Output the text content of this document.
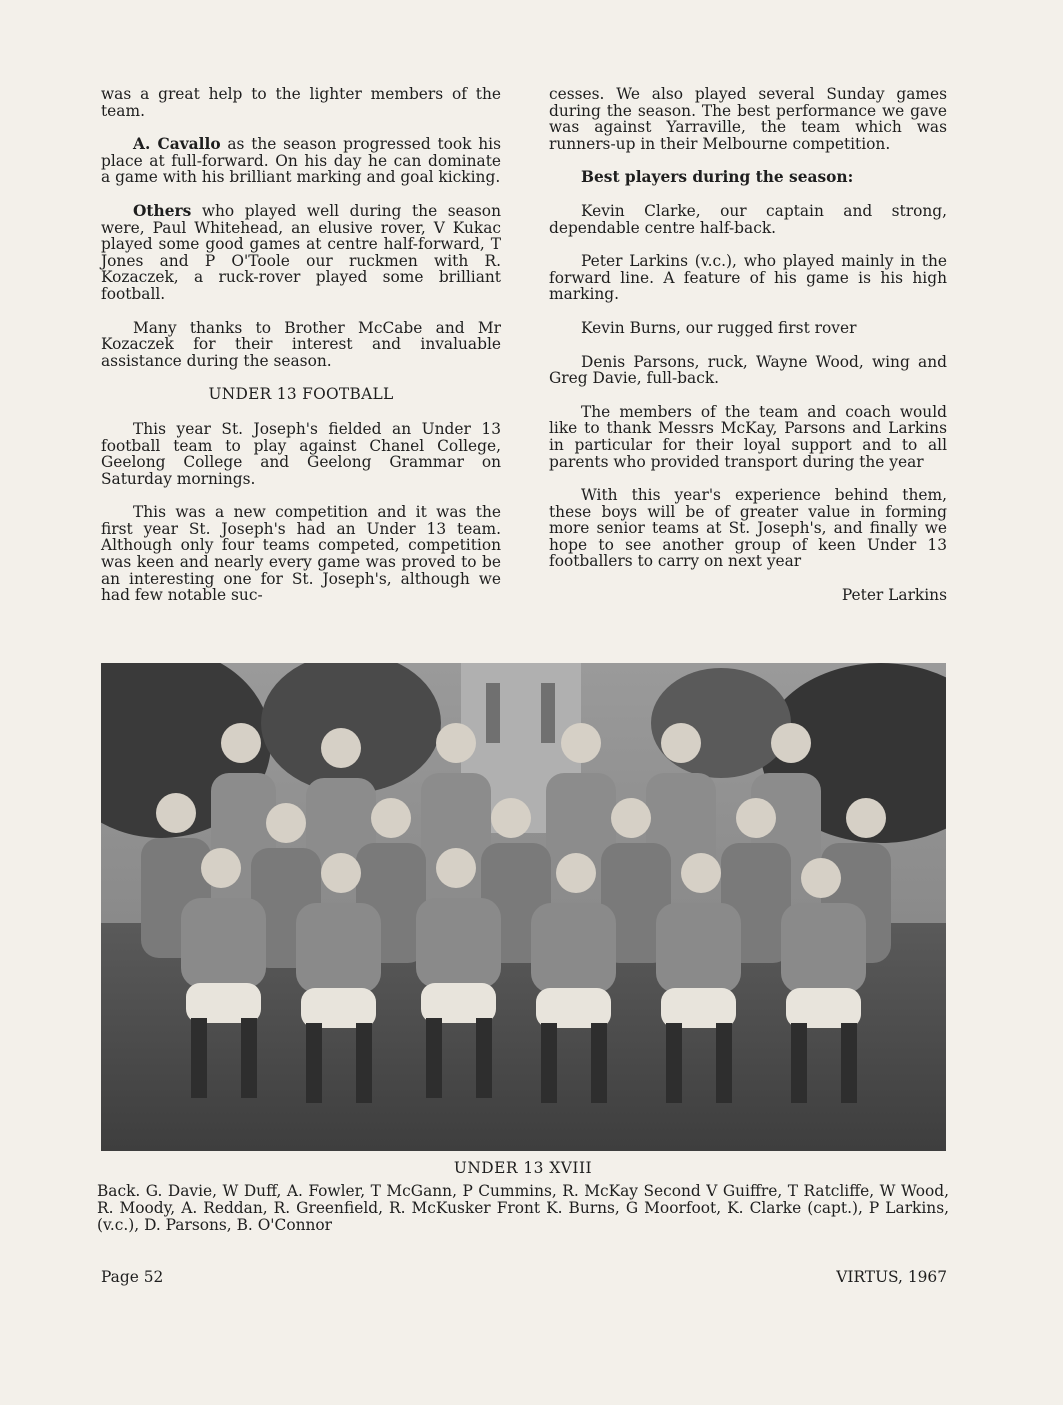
was a great help to the lighter members of the team.

A. Cavallo as the season progressed took his place at full-forward. On his day he can dominate a game with his brilliant marking and goal kicking.

Others who played well during the season were, Paul Whitehead, an elusive rover, V Kukac played some good games at centre half-forward, T Jones and P O'Toole our ruckmen with R. Kozaczek, a ruck-rover played some brilliant football.

Many thanks to Brother McCabe and Mr Kozaczek for their interest and invaluable assistance during the season.

UNDER 13 FOOTBALL

This year St. Joseph's fielded an Under 13 football team to play against Chanel College, Geelong College and Geelong Grammar on Saturday mornings.

This was a new competition and it was the first year St. Joseph's had an Under 13 team. Although only four teams competed, competition was keen and nearly every game was proved to be an interesting one for St. Joseph's, although we had few notable suc-

cesses. We also played several Sunday games during the season. The best performance we gave was against Yarraville, the team which was runners-up in their Melbourne competition.

Best players during the season:

Kevin Clarke, our captain and strong, dependable centre half-back.

Peter Larkins (v.c.), who played mainly in the forward line. A feature of his game is his high marking.

Kevin Burns, our rugged first rover

Denis Parsons, ruck, Wayne Wood, wing and Greg Davie, full-back.

The members of the team and coach would like to thank Messrs McKay, Parsons and Larkins in particular for their loyal support and to all parents who provided transport during the year

With this year's experience behind them, these boys will be of greater value in forming more senior teams at St. Joseph's, and finally we hope to see another group of keen Under 13 footballers to carry on next year

Peter Larkins

UNDER 13 XVIII
Back. G. Davie, W Duff, A. Fowler, T McGann, P Cummins, R. McKay Second V Guiffre, T Ratcliffe, W Wood, R. Moody, A. Reddan, R. Greenfield, R. McKusker Front K. Burns, G Moorfoot, K. Clarke (capt.), P Larkins, (v.c.), D. Parsons, B. O'Connor
Page 52	VIRTUS, 1967
